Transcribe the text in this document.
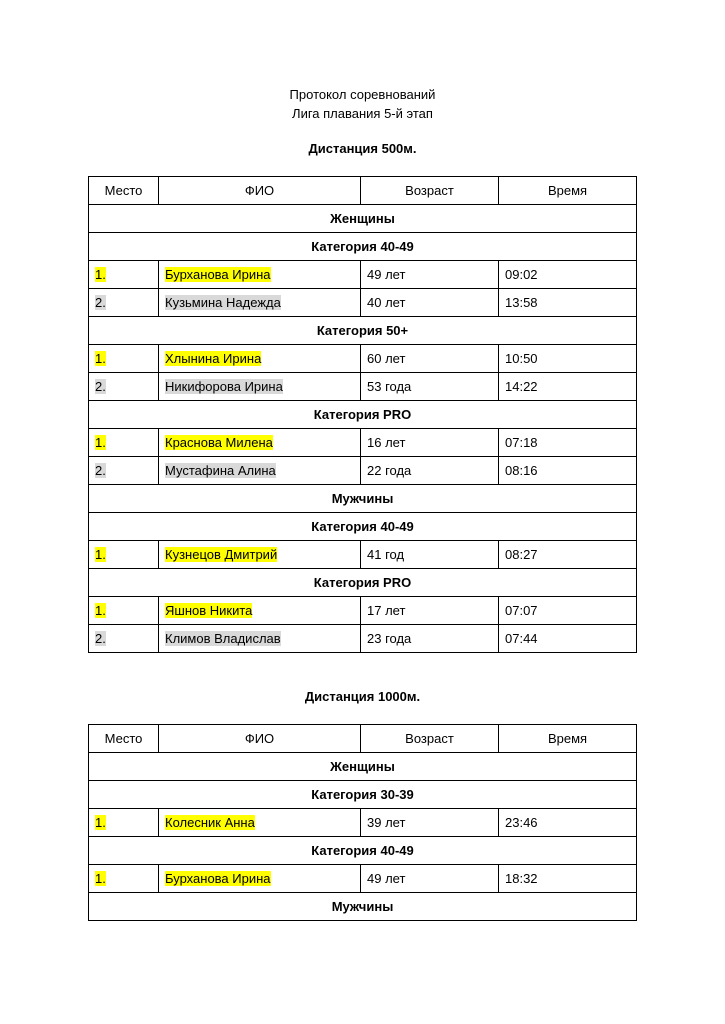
Протокол соревнований
Лига плавания 5-й этап
Дистанция 500м.
Место	ФИО	Возраст	Время
Женщины			
Категория 40-49			
1.	Бурханова Ирина	49 лет	09:02
2.	Кузьмина Надежда	40 лет	13:58
Категория 50+			
1.	Хлынина Ирина	60 лет	10:50
2.	Никифорова Ирина	53 года	14:22
Категория PRO			
1.	Краснова Милена	16 лет	07:18
2.	Мустафина Алина	22 года	08:16
Мужчины			
Категория 40-49			
1.	Кузнецов Дмитрий	41 год	08:27
Категория PRO			
1.	Яшнов Никита	17 лет	07:07
2.	Климов Владислав	23 года	07:44
Дистанция 1000м.
Место	ФИО	Возраст	Время
Женщины			
Категория 30-39			
1.	Колесник Анна	39 лет	23:46
Категория 40-49			
1.	Бурханова Ирина	49 лет	18:32
Мужчины			
